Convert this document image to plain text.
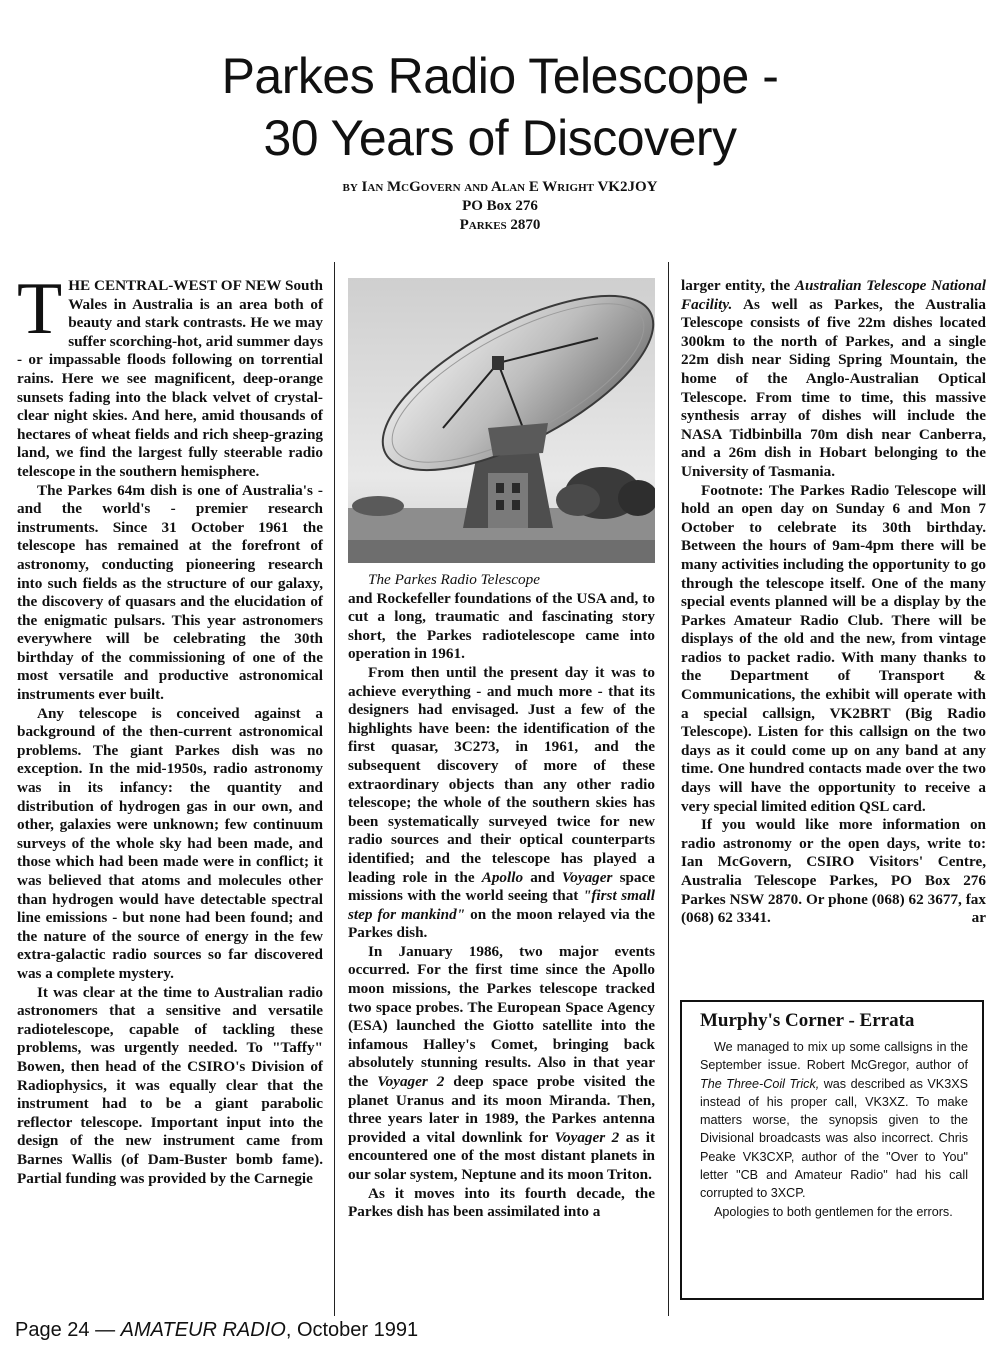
Parkes Radio Telescope -
30 Years of Discovery
by Ian McGovern and Alan E Wright VK2JOY
PO Box 276
Parkes 2870

THE CENTRAL-WEST OF NEW South Wales in Australia is an area both of beauty and stark contrasts. He we may suffer scorching-hot, arid summer days - or impassable floods following on torrential rains. Here we see magnificent, deep-orange sunsets fading into the black velvet of crystal-clear night skies. And here, amid thousands of hectares of wheat fields and rich sheep-grazing land, we find the largest fully steerable radio telescope in the southern hemisphere.

The Parkes 64m dish is one of Australia's - and the world's - premier research instruments. Since 31 October 1961 the telescope has remained at the forefront of astronomy, conducting pioneering research into such fields as the structure of our galaxy, the discovery of quasars and the elucidation of the enigmatic pulsars. This year astronomers everywhere will be celebrating the 30th birthday of the commissioning of one of the most versatile and productive astronomical instruments ever built.

Any telescope is conceived against a background of the then-current astronomical problems. The giant Parkes dish was no exception. In the mid-1950s, radio astronomy was in its infancy: the quantity and distribution of hydrogen gas in our own, and other, galaxies were unknown; few continuum surveys of the whole sky had been made, and those which had been made were in conflict; it was believed that atoms and molecules other than hydrogen would have detectable spectral line emissions - but none had been found; and the nature of the source of energy in the few extra-galactic radio sources so far discovered was a complete mystery.

It was clear at the time to Australian radio astronomers that a sensitive and versatile radiotelescope, capable of tackling these problems, was urgently needed. To "Taffy" Bowen, then head of the CSIRO's Division of Radiophysics, it was equally clear that the instrument had to be a giant parabolic reflector telescope. Important input into the design of the new instrument came from Barnes Wallis (of Dam-Buster bomb fame). Partial funding was provided by the Carnegie

The Parkes Radio Telescope

and Rockefeller foundations of the USA and, to cut a long, traumatic and fascinating story short, the Parkes radiotelescope came into operation in 1961.

From then until the present day it was to achieve everything - and much more - that its designers had envisaged. Just a few of the highlights have been: the identification of the first quasar, 3C273, in 1961, and the subsequent discovery of more of these extraordinary objects than any other radio telescope; the whole of the southern skies has been systematically surveyed twice for new radio sources and their optical counterparts identified; and the telescope has played a leading role in the Apollo and Voyager space missions with the world seeing that "first small step for mankind" on the moon relayed via the Parkes dish.

In January 1986, two major events occurred. For the first time since the Apollo moon missions, the Parkes telescope tracked two space probes. The European Space Agency (ESA) launched the Giotto satellite into the infamous Halley's Comet, bringing back absolutely stunning results. Also in that year the Voyager 2 deep space probe visited the planet Uranus and its moon Miranda. Then, three years later in 1989, the Parkes antenna provided a vital downlink for Voyager 2 as it encountered one of the most distant planets in our solar system, Neptune and its moon Triton.

As it moves into its fourth decade, the Parkes dish has been assimilated into a

larger entity, the Australian Telescope National Facility. As well as Parkes, the Australia Telescope consists of five 22m dishes located 300km to the north of Parkes, and a single 22m dish near Siding Spring Mountain, the home of the Anglo-Australian Optical Telescope. From time to time, this massive synthesis array of dishes will include the NASA Tidbinbilla 70m dish near Canberra, and a 26m dish in Hobart belonging to the University of Tasmania.

Footnote: The Parkes Radio Telescope will hold an open day on Sunday 6 and Mon 7 October to celebrate its 30th birthday. Between the hours of 9am-4pm there will be many activities including the opportunity to go through the telescope itself. One of the many special events planned will be a display by the Parkes Amateur Radio Club. There will be displays of the old and the new, from vintage radios to packet radio. With many thanks to the Department of Transport & Communications, the exhibit will operate with a special callsign, VK2BRT (Big Radio Telescope). Listen for this callsign on the two days as it could come up on any band at any time. One hundred contacts made over the two days will have the opportunity to receive a very special limited edition QSL card.

If you would like more information on radio astronomy or the open days, write to: Ian McGovern, CSIRO Visitors' Centre, Australia Telescope Parkes, PO Box 276 Parkes NSW 2870. Or phone (068) 62 3677, fax (068) 62 3341.	ar

Murphy's Corner - Errata

We managed to mix up some callsigns in the September issue. Robert McGregor, author of The Three-Coil Trick, was described as VK3XS instead of his proper call, VK3XZ. To make matters worse, the synopsis given to the Divisional broadcasts was also incorrect. Chris Peake VK3CXP, author of the "Over to You" letter "CB and Amateur Radio" had his call corrupted to 3XCP.

Apologies to both gentlemen for the errors.

Page 24 — AMATEUR RADIO, October 1991
